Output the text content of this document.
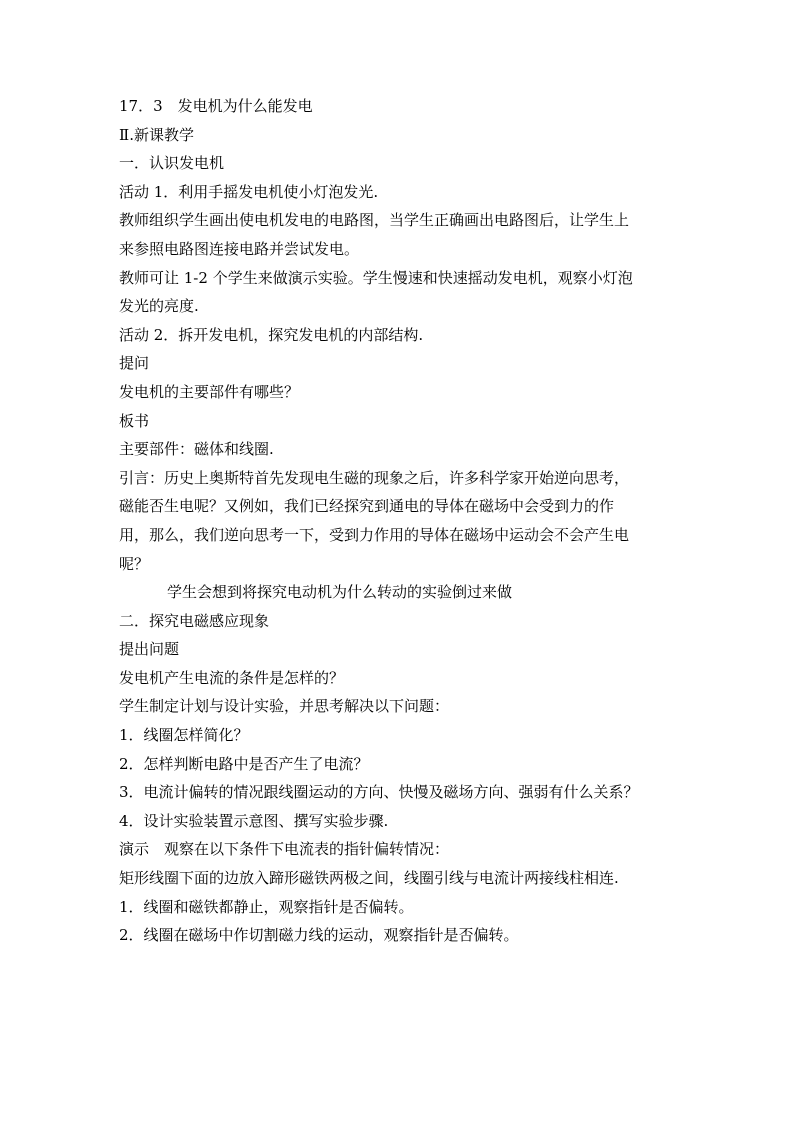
17．3　发电机为什么能发电

Ⅱ.新课教学

一．认识发电机

活动 1．利用手摇发电机使小灯泡发光.

教师组织学生画出使电机发电的电路图，当学生正确画出电路图后，让学生上

来参照电路图连接电路并尝试发电。

教师可让 1-2 个学生来做演示实验。学生慢速和快速摇动发电机，观察小灯泡

发光的亮度.

活动 2．拆开发电机，探究发电机的内部结构.

提问

发电机的主要部件有哪些？

板书

主要部件：磁体和线圈.

引言：历史上奥斯特首先发现电生磁的现象之后，许多科学家开始逆向思考，

磁能否生电呢？又例如，我们已经探究到通电的导体在磁场中会受到力的作

用，那么，我们逆向思考一下，受到力作用的导体在磁场中运动会不会产生电

呢？

学生会想到将探究电动机为什么转动的实验倒过来做

二．探究电磁感应现象

提出问题

发电机产生电流的条件是怎样的？

学生制定计划与设计实验，并思考解决以下问题：

1．线圈怎样简化？

2．怎样判断电路中是否产生了电流？

3．电流计偏转的情况跟线圈运动的方向、快慢及磁场方向、强弱有什么关系？

4．设计实验装置示意图、撰写实验步骤.

演示　观察在以下条件下电流表的指针偏转情况：

矩形线圈下面的边放入蹄形磁铁两极之间，线圈引线与电流计两接线柱相连.

1．线圈和磁铁都静止，观察指针是否偏转。

2．线圈在磁场中作切割磁力线的运动，观察指针是否偏转。
